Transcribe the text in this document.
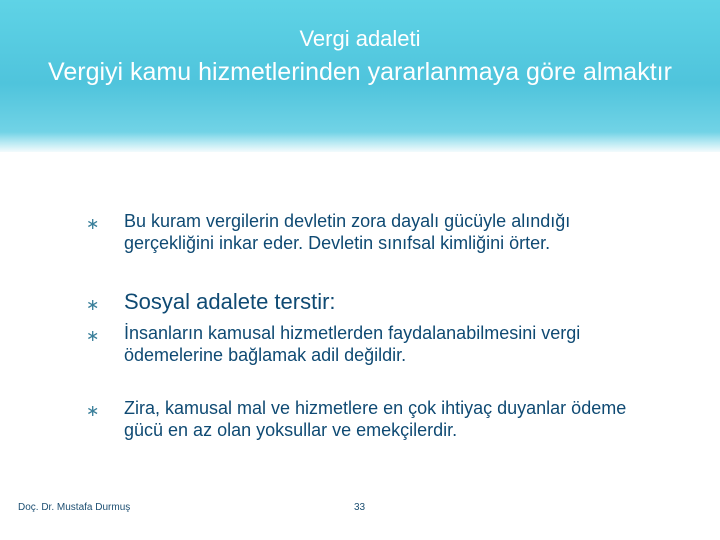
Vergi adaleti
Vergiyi kamu hizmetlerinden yararlanmaya göre almaktır
∗ Bu kuram vergilerin devletin zora dayalı gücüyle alındığı gerçekliğini inkar eder. Devletin sınıfsal kimliğini örter.
∗ Sosyal adalete terstir:
∗ İnsanların kamusal hizmetlerden faydalanabilmesini vergi ödemelerine bağlamak adil değildir.
∗ Zira, kamusal mal ve hizmetlere en çok ihtiyaç duyanlar ödeme gücü en az olan yoksullar ve emekçilerdir.
Doç. Dr. Mustafa Durmuş	33
